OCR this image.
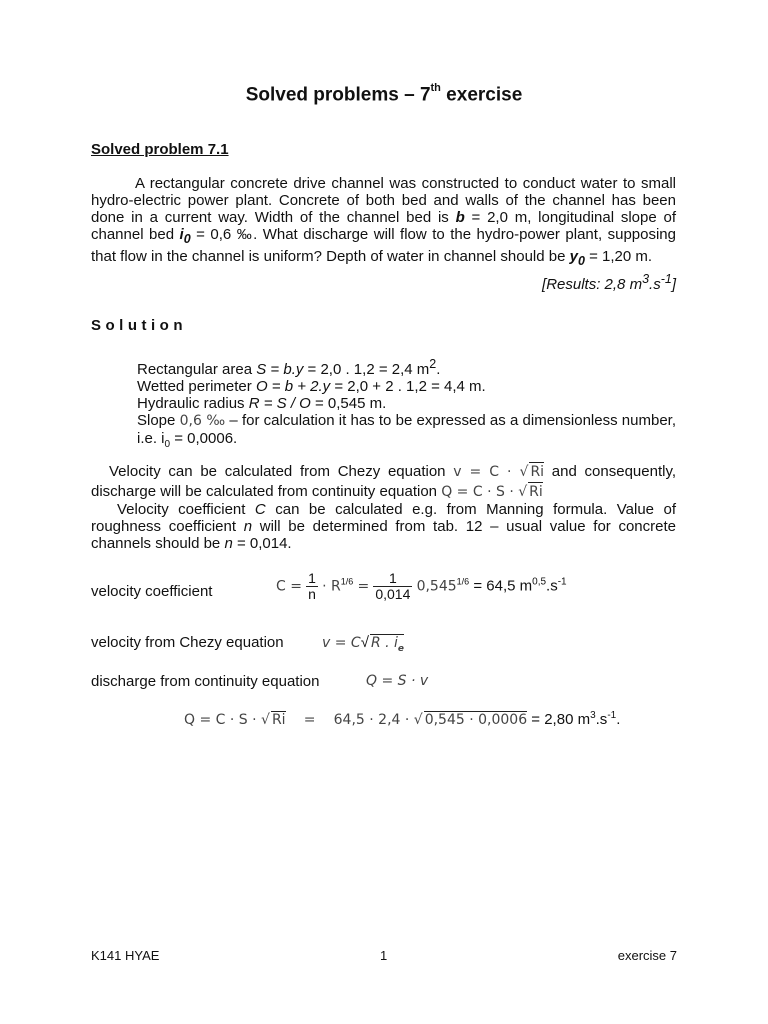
Solved problems – 7th exercise
Solved problem 7.1
A rectangular concrete drive channel was constructed to conduct water to small hydro-electric power plant. Concrete of both bed and walls of the channel has been done in a current way. Width of the channel bed is b = 2,0 m, longitudinal slope of channel bed $i_0 = 0,6$ ‰. What discharge will flow to the hydro-power plant, supposing that flow in the channel is uniform? Depth of water in channel should be $y_0 = 1,20$ m.
[Results: 2,8 $m^3.s^{-1}$]
Solution
Rectangular area S = b.y = 2,0 . 1,2 = 2,4 $m^2$.
Wetted perimeter O = b + 2.y = 2,0 + 2 . 1,2 = 4,4 m.
Hydraulic radius R = S / O = 0,545 m.
Slope 0,6 ‰ – for calculation it has to be expressed as a dimensionless number, i.e. $i_0 = 0,0006$.
Velocity can be calculated from Chezy equation v = C · √ Ri and consequently, discharge will be calculated from continuity equation Q = C · S · √ Ri
Velocity coefficient C can be calculated e.g. from Manning formula. Value of roughness coefficient n will be determined from tab. 12 – usual value for concrete channels should be n = 0,014.
velocity coefficient	$C = \frac{1}{n} \cdot R^{1/6} = \frac{1}{0,014} 0,545^{1/6} = 64,5$ $m^{0,5}.s^{-1}$
velocity from Chezy equation	v = C√ R . $i_e$
discharge from continuity equation	Q = S · v
Q = C · S · √ Ri = 64,5 · 2,4 · √ 0,545 · 0,0006 = 2,80 $m^3.s^{-1}$.
K141 HYAE	1	exercise 7
